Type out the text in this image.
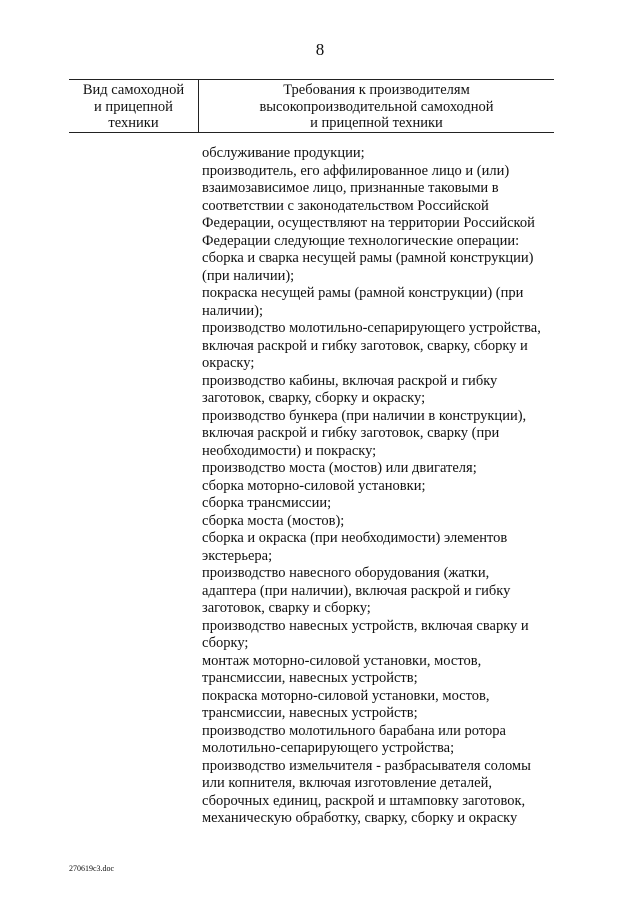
8
Вид самоходной
и прицепной
техники
Требования к производителям
высокопроизводительной самоходной
и прицепной техники
обслуживание продукции;
производитель, его аффилированное лицо и (или)
взаимозависимое лицо, признанные таковыми в
соответствии с законодательством Российской
Федерации, осуществляют на территории Российской
Федерации следующие технологические операции:
сборка и сварка несущей рамы (рамной конструкции)
(при наличии);
покраска несущей рамы (рамной конструкции) (при
наличии);
производство молотильно-сепарирующего устройства,
включая раскрой и гибку заготовок, сварку, сборку и
окраску;
производство кабины, включая раскрой и гибку
заготовок, сварку, сборку и окраску;
производство бункера (при наличии в конструкции),
включая раскрой и гибку заготовок, сварку (при
необходимости) и покраску;
производство моста (мостов) или двигателя;
сборка моторно-силовой установки;
сборка трансмиссии;
сборка моста (мостов);
сборка и окраска (при необходимости) элементов
экстерьера;
производство навесного оборудования (жатки,
адаптера (при наличии), включая раскрой и гибку
заготовок, сварку и сборку;
производство навесных устройств, включая сварку и
сборку;
монтаж моторно-силовой установки, мостов,
трансмиссии, навесных устройств;
покраска моторно-силовой установки, мостов,
трансмиссии, навесных устройств;
производство молотильного барабана или ротора
молотильно-сепарирующего устройства;
производство измельчителя - разбрасывателя соломы
или копнителя, включая изготовление деталей,
сборочных единиц, раскрой и штамповку заготовок,
механическую обработку, сварку, сборку и окраску
270619c3.doc
